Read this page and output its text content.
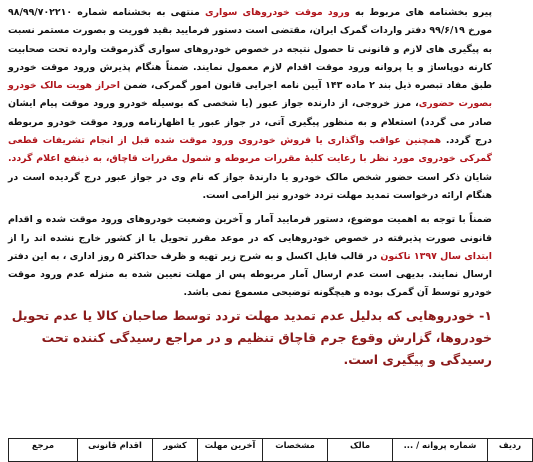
پیرو بخشنامه های مربوط به ورود موقت خودروهای سواری منتهی به بخشنامه شماره ۹۸/۹۹/۷۰۲۲۱۰ مورخ ۹۹/۶/۱۹ دفتر واردات گمرک ایران، مقتضی است دستور فرمایید بقید فوریت و بصورت مستمر نسبت به پیگیری های لازم و قانونی تا حصول نتیجه در خصوص خودروهای سواری گذرموقت وارده تحت صحابیت کارنه دوپاساژ و یا پروانه ورود موقت اقدام لازم معمول نمایند. ضمناً هنگام پذیرش ورود موقت خودرو طبق مفاد تبصره ذیل بند ۲ ماده ۱۴۳ آیین نامه اجرایی قانون امور گمرکی، ضمن احراز هویت مالک خودرو بصورت حضوری، مرز خروجی، از دارنده جواز عبور (یا شخصی که بوسیله خودرو ورود موقت پیام ایشان صادر می گردد) استعلام و به منظور پیگیری آتی، در جواز عبور یا اظهارنامه ورود موقت خودرو مربوطه درج گردد. همچنین عواقب واگذاری یا فروش خودروی ورود موقت شده قبل از انجام تشریفات قطعی گمرکی خودروی مورد نظر با رعایت کلیۀ مقررات مربوطه و شمول مقررات قاچاق، به ذینفع اعلام گردد. شایان ذکر است حضور شخص مالک خودرو یا دارندۀ جواز که نام وی در جواز عبور درج گردیده است در هنگام ارائه درخواست تمدید مهلت تردد خودرو نیز الزامی است.

ضمناً با توجه به اهمیت موضوع، دستور فرمایید آمار و آخرین وضعیت خودروهای ورود موقت شده و اقدام قانونی صورت پذیرفته در خصوص خودروهایی که در موعد مقرر تحویل یا از کشور خارج نشده اند را از ابتدای سال ۱۳۹۷ تاکنون در قالب فایل اکسل و به شرح زیر تهیه و ظرف حداکثر ۵ روز اداری ، به این دفتر ارسال نمایند. بدیهی است عدم ارسال آمار مربوطه پس از مهلت تعیین شده به منزله عدم ورود موقت خودرو توسط آن گمرک بوده و هیچگونه توضیحی مسموع نمی باشد.

۱- خودروهایی که بدلیل عدم تمدید مهلت تردد توسط صاحبان کالا یا عدم تحویل خودروها، گزارش وقوع جرم قاچاق تنظیم و در مراجع رسیدگی کننده تحت رسیدگی و پیگیری است.

ردیف	شماره پروانه / ...	مالک	مشخصات	آخرین مهلت	کشور	اقدام قانونی	مرجع
